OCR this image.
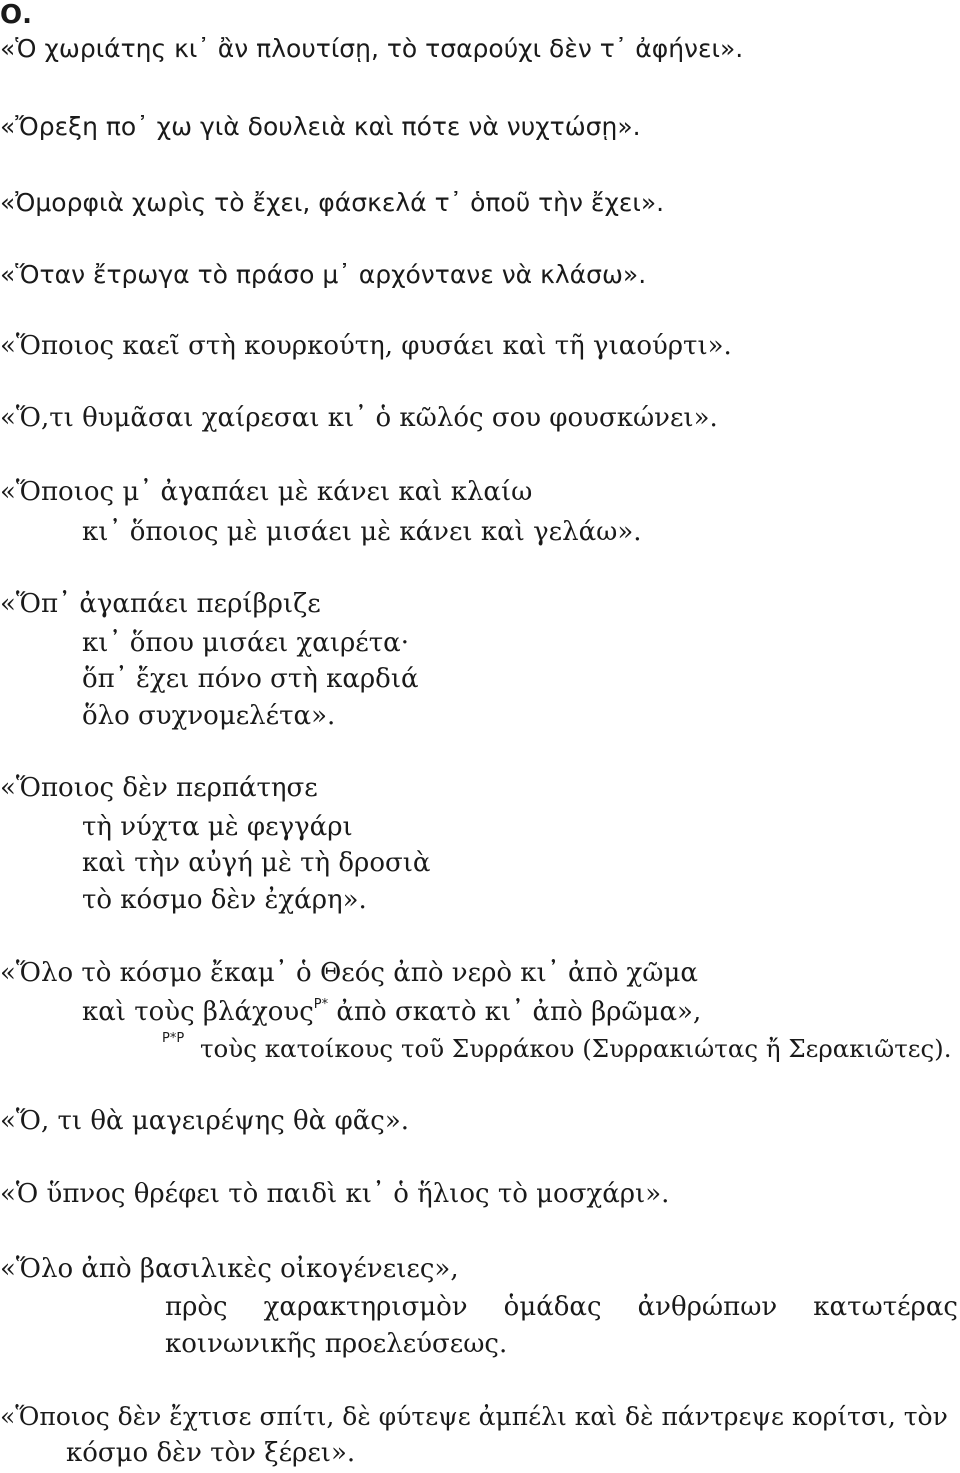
Ο.
«Ὁ χωριάτης κι᾽ ἂν πλουτίσῃ, τὸ τσαρούχι δὲν τ᾽ ἀφήνει».
«Ὄρεξη πο᾽ χω γιὰ δουλειὰ καὶ πότε νὰ νυχτώσῃ».
«Ὀμορφιὰ χωρὶς τὸ ἔχει, φάσκελά τ᾽ ὁποῦ τὴν ἔχει».
«Ὅταν ἔτρωγα τὸ πράσο μ᾽ αρχόντανε νὰ κλάσω».
«Ὅποιος καεῖ στὴ κουρκούτη, φυσάει καὶ τῆ γιαούρτι».
«Ὅ,τι θυμᾶσαι χαίρεσαι κι᾽ ὁ κῶλός σου φουσκώνει».
«Ὅποιος μ᾽ ἀγαπάει μὲ κάνει καὶ κλαίω
κι᾽ ὅποιος μὲ μισάει μὲ κάνει καὶ γελάω».
«Ὅπ᾽ ἀγαπάει περίβριζε
κι᾽ ὅπου μισάει χαιρέτα·
ὅπ᾽ ἔχει πόνο στὴ καρδιά
ὅλο συχνομελέτα».
«Ὅποιος δὲν περπάτησε
τὴ νύχτα μὲ φεγγάρι
καὶ τὴν αὐγή μὲ τὴ δροσιὰ
τὸ κόσμο δὲν ἐχάρη».
«Ὅλο τὸ κόσμο ἔκαμ᾽ ὁ Θεός ἀπὸ νερὸ κι᾽ ἀπὸ χῶμα
καὶ τοὺς βλάχους$^{P*}$ ἀπὸ σκατὸ κι᾽ ἀπὸ βρῶμα»,
P*P τοὺς κατοίκους τοῦ Συρράκου (Συρρακιώτας ἤ Σερακιῶτες).
«Ὅ, τι θὰ μαγειρέψης θὰ φᾶς».
«Ὁ ὕπνος θρέφει τὸ παιδὶ κι᾽ ὁ ἥλιος τὸ μοσχάρι».
«Ὅλο ἀπὸ βασιλικὲς οἰκογένειες»,
πρὸς χαρακτηρισμὸν ὁμάδας ἀνθρώπων κατωτέρας
κοινωνικῆς προελεύσεως.
«Ὅποιος δὲν ἔχτισε σπίτι, δὲ φύτεψε ἀμπέλι καὶ δὲ πάντρεψε κορίτσι, τὸν
κόσμο δὲν τὸν ξέρει».
